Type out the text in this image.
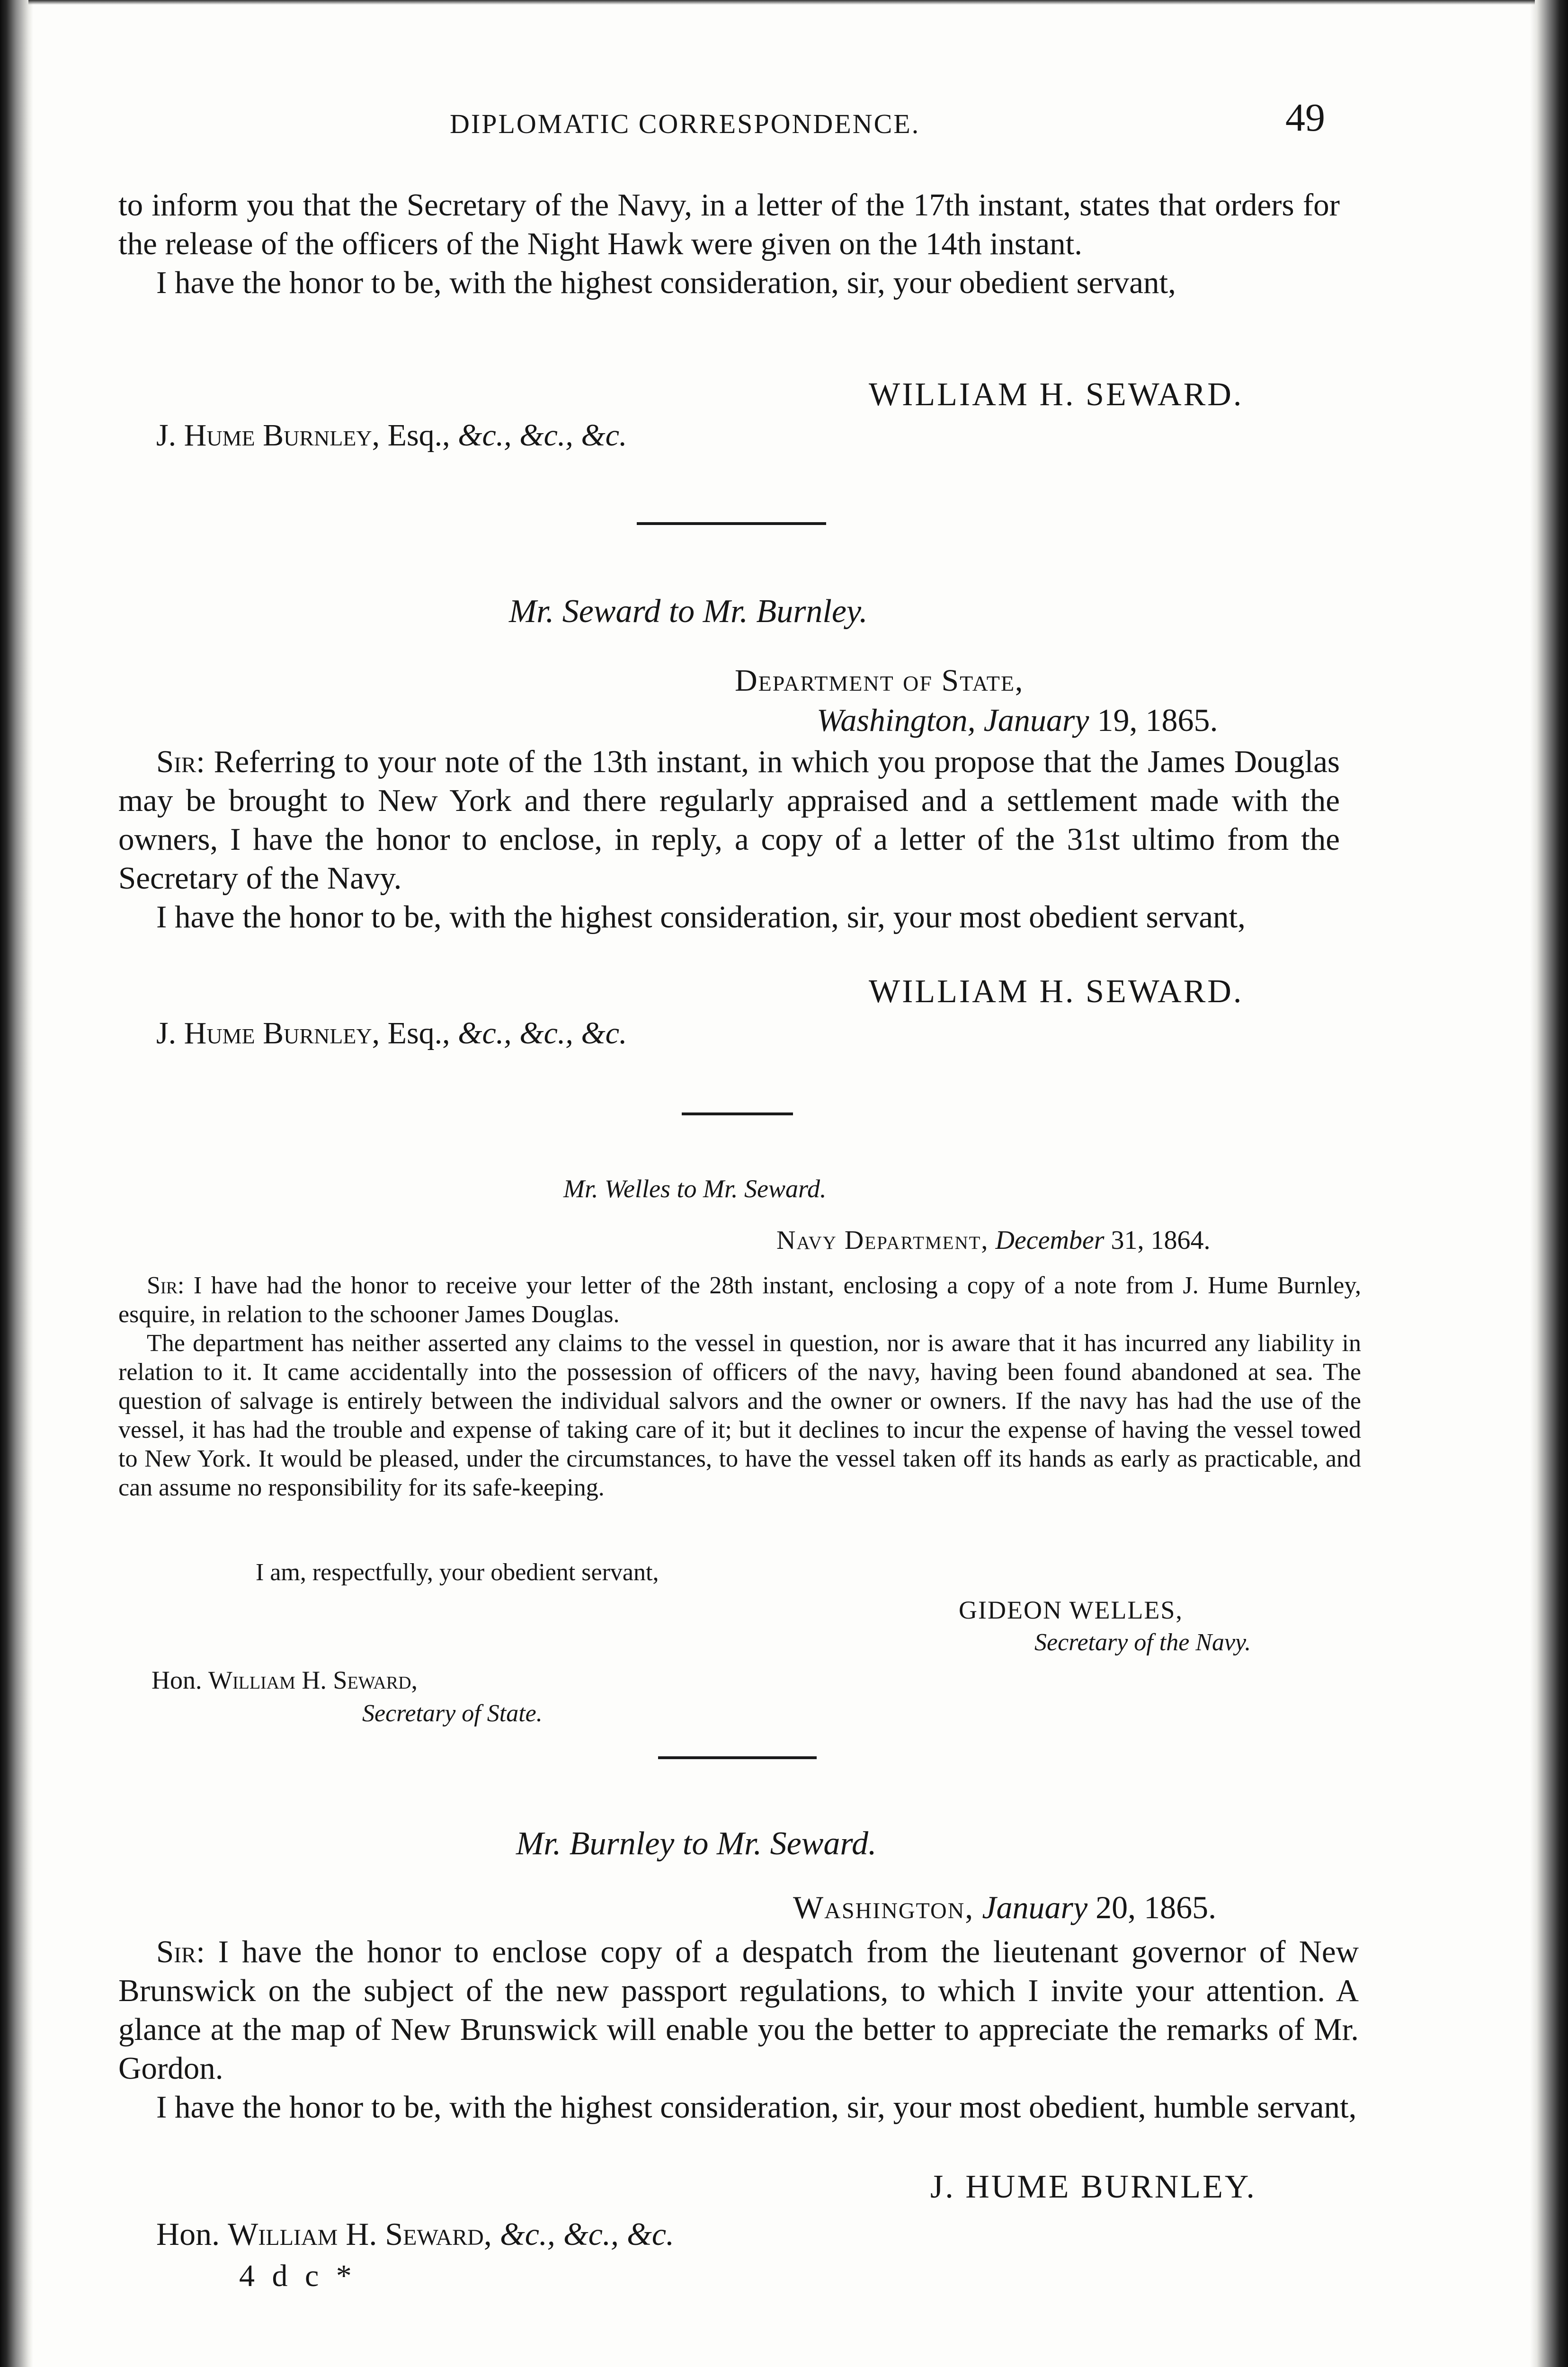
DIPLOMATIC CORRESPONDENCE.	49

to inform you that the Secretary of the Navy, in a letter of the 17th instant, states that orders for the release of the officers of the Night Hawk were given on the 14th instant.

I have the honor to be, with the highest consideration, sir, your obedient servant,

WILLIAM H. SEWARD.
J. Hume Burnley, Esq., &c., &c., &c.
Mr. Seward to Mr. Burnley.
Department of State,
Washington, January 19, 1865.

Sir: Referring to your note of the 13th instant, in which you propose that the James Douglas may be brought to New York and there regularly appraised and a settlement made with the owners, I have the honor to enclose, in reply, a copy of a letter of the 31st ultimo from the Secretary of the Navy.

I have the honor to be, with the highest consideration, sir, your most obedient servant,

WILLIAM H. SEWARD.
J. Hume Burnley, Esq., &c., &c., &c.
Mr. Welles to Mr. Seward.
Navy Department, December 31, 1864.

Sir: I have had the honor to receive your letter of the 28th instant, enclosing a copy of a note from J. Hume Burnley, esquire, in relation to the schooner James Douglas.

The department has neither asserted any claims to the vessel in question, nor is aware that it has incurred any liability in relation to it. It came accidentally into the possession of officers of the navy, having been found abandoned at sea. The question of salvage is entirely between the individual salvors and the owner or owners. If the navy has had the use of the vessel, it has had the trouble and expense of taking care of it; but it declines to incur the expense of having the vessel towed to New York. It would be pleased, under the circumstances, to have the vessel taken off its hands as early as practicable, and can assume no responsibility for its safe-keeping.

I am, respectfully, your obedient servant,
GIDEON WELLES,
Secretary of the Navy.
Hon. William H. Seward,
Secretary of State.
Mr. Burnley to Mr. Seward.
Washington, January 20, 1865.

Sir: I have the honor to enclose copy of a despatch from the lieutenant governor of New Brunswick on the subject of the new passport regulations, to which I invite your attention. A glance at the map of New Brunswick will enable you the better to appreciate the remarks of Mr. Gordon.

I have the honor to be, with the highest consideration, sir, your most obedient, humble servant,

J. HUME BURNLEY.
Hon. William H. Seward, &c., &c., &c.
4 d c *
